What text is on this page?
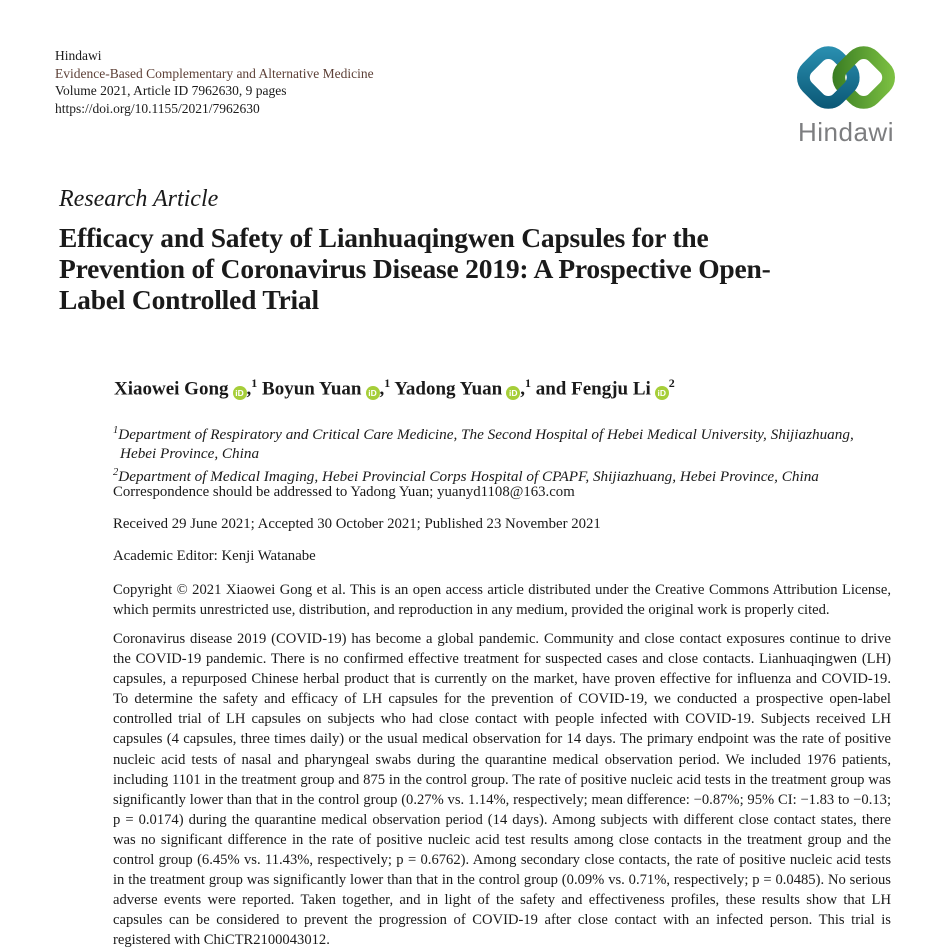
Hindawi
Evidence-Based Complementary and Alternative Medicine
Volume 2021, Article ID 7962630, 9 pages
https://doi.org/10.1155/2021/7962630
Hindawi
Research Article
Efficacy and Safety of Lianhuaqingwen Capsules for the Prevention of Coronavirus Disease 2019: A Prospective Open-Label Controlled Trial
Xiaowei Gong iD ,$^1$ Boyun Yuan iD ,$^1$ Yadong Yuan iD ,$^1$ and Fengju Li $iD^2$
$^1$Department of Respiratory and Critical Care Medicine, The Second Hospital of Hebei Medical University, Shijiazhuang, Hebei Province, China
$^2$Department of Medical Imaging, Hebei Provincial Corps Hospital of CPAPF, Shijiazhuang, Hebei Province, China
Correspondence should be addressed to Yadong Yuan; yuanyd1108@163.com
Received 29 June 2021; Accepted 30 October 2021; Published 23 November 2021
Academic Editor: Kenji Watanabe
Copyright © 2021 Xiaowei Gong et al. This is an open access article distributed under the Creative Commons Attribution License, which permits unrestricted use, distribution, and reproduction in any medium, provided the original work is properly cited.
Coronavirus disease 2019 (COVID-19) has become a global pandemic. Community and close contact exposures continue to drive the COVID-19 pandemic. There is no confirmed effective treatment for suspected cases and close contacts. Lianhuaqingwen (LH) capsules, a repurposed Chinese herbal product that is currently on the market, have proven effective for influenza and COVID-19. To determine the safety and efficacy of LH capsules for the prevention of COVID-19, we conducted a prospective open-label controlled trial of LH capsules on subjects who had close contact with people infected with COVID-19. Subjects received LH capsules (4 capsules, three times daily) or the usual medical observation for 14 days. The primary endpoint was the rate of positive nucleic acid tests of nasal and pharyngeal swabs during the quarantine medical observation period. We included 1976 patients, including 1101 in the treatment group and 875 in the control group. The rate of positive nucleic acid tests in the treatment group was significantly lower than that in the control group (0.27% vs. 1.14%, respectively; mean difference: −0.87%; 95% CI: −1.83 to −0.13; p = 0.0174) during the quarantine medical observation period (14 days). Among subjects with different close contact states, there was no significant difference in the rate of positive nucleic acid test results among close contacts in the treatment group and the control group (6.45% vs. 11.43%, respectively; p = 0.6762). Among secondary close contacts, the rate of positive nucleic acid tests in the treatment group was significantly lower than that in the control group (0.09% vs. 0.71%, respectively; p = 0.0485). No serious adverse events were reported. Taken together, and in light of the safety and effectiveness profiles, these results show that LH capsules can be considered to prevent the progression of COVID-19 after close contact with an infected person. This trial is registered with ChiCTR2100043012.
